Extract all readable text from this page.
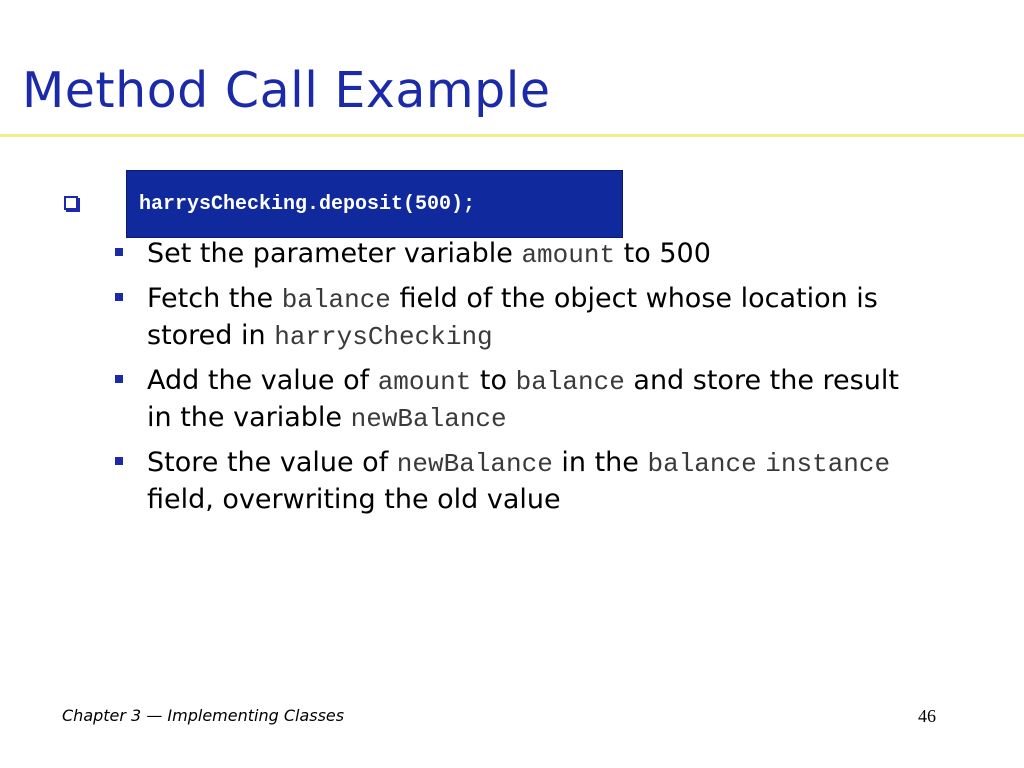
Method Call Example
harrysChecking.deposit(500);
Set the parameter variable amount to 500
Fetch the balance field of the object whose location is stored in harrysChecking
Add the value of amount to balance and store the result in the variable newBalance
Store the value of newBalance in the balance instance field, overwriting the old value
Chapter 3 — Implementing Classes	46
